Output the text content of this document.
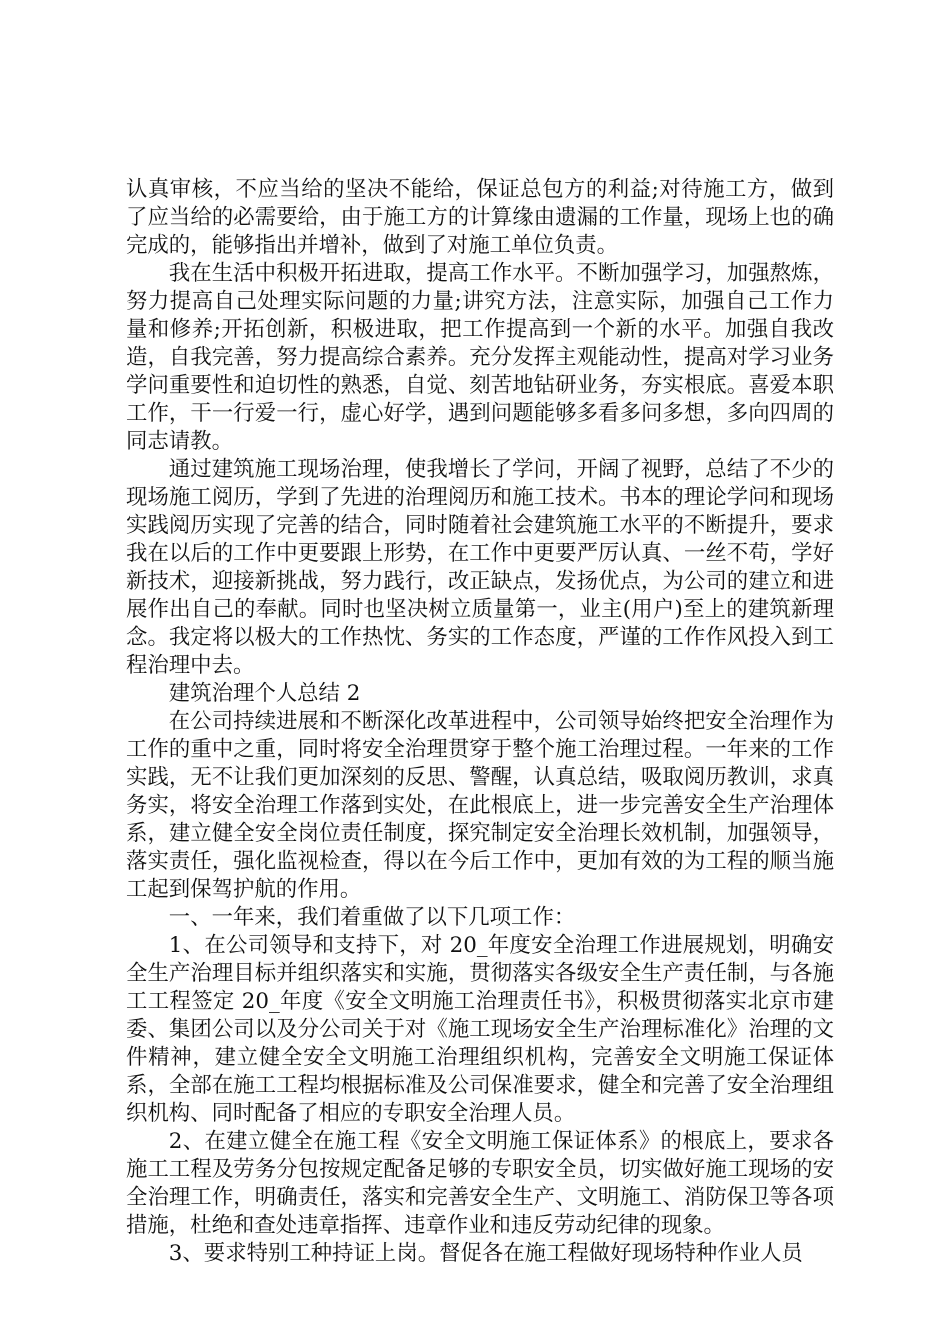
认真审核，不应当给的坚决不能给，保证总包方的利益;对待施工方，做到了应当给的必需要给，由于施工方的计算缘由遗漏的工作量，现场上也的确完成的，能够指出并增补，做到了对施工单位负责。

我在生活中积极开拓进取，提高工作水平。不断加强学习，加强熬炼，努力提高自己处理实际问题的力量;讲究方法，注意实际，加强自己工作力量和修养;开拓创新，积极进取，把工作提高到一个新的水平。加强自我改造，自我完善，努力提高综合素养。充分发挥主观能动性，提高对学习业务学问重要性和迫切性的熟悉，自觉、刻苦地钻研业务，夯实根底。喜爱本职工作，干一行爱一行，虚心好学，遇到问题能够多看多问多想，多向四周的同志请教。

通过建筑施工现场治理，使我增长了学问，开阔了视野，总结了不少的现场施工阅历，学到了先进的治理阅历和施工技术。书本的理论学问和现场实践阅历实现了完善的结合，同时随着社会建筑施工水平的不断提升，要求我在以后的工作中更要跟上形势，在工作中更要严厉认真、一丝不苟，学好新技术，迎接新挑战，努力践行，改正缺点，发扬优点，为公司的建立和进展作出自己的奉献。同时也坚决树立质量第一，业主(用户)至上的建筑新理念。我定将以极大的工作热忱、务实的工作态度，严谨的工作作风投入到工程治理中去。

建筑治理个人总结 2

在公司持续进展和不断深化改革进程中，公司领导始终把安全治理作为工作的重中之重，同时将安全治理贯穿于整个施工治理过程。一年来的工作实践，无不让我们更加深刻的反思、警醒，认真总结，吸取阅历教训，求真务实，将安全治理工作落到实处，在此根底上，进一步完善安全生产治理体系，建立健全安全岗位责任制度，探究制定安全治理长效机制，加强领导，落实责任，强化监视检查，得以在今后工作中，更加有效的为工程的顺当施工起到保驾护航的作用。

一、一年来，我们着重做了以下几项工作：

1、在公司领导和支持下，对 20_年度安全治理工作进展规划，明确安全生产治理目标并组织落实和实施，贯彻落实各级安全生产责任制，与各施工工程签定 20_年度《安全文明施工治理责任书》，积极贯彻落实北京市建委、集团公司以及分公司关于对《施工现场安全生产治理标准化》治理的文件精神，建立健全安全文明施工治理组织机构，完善安全文明施工保证体系，全部在施工工程均根据标准及公司保准要求，健全和完善了安全治理组织机构、同时配备了相应的专职安全治理人员。

2、在建立健全在施工程《安全文明施工保证体系》的根底上，要求各施工工程及劳务分包按规定配备足够的专职安全员，切实做好施工现场的安全治理工作，明确责任，落实和完善安全生产、文明施工、消防保卫等各项措施，杜绝和查处违章指挥、违章作业和违反劳动纪律的现象。

3、要求特别工种持证上岗。督促各在施工程做好现场特种作业人员
